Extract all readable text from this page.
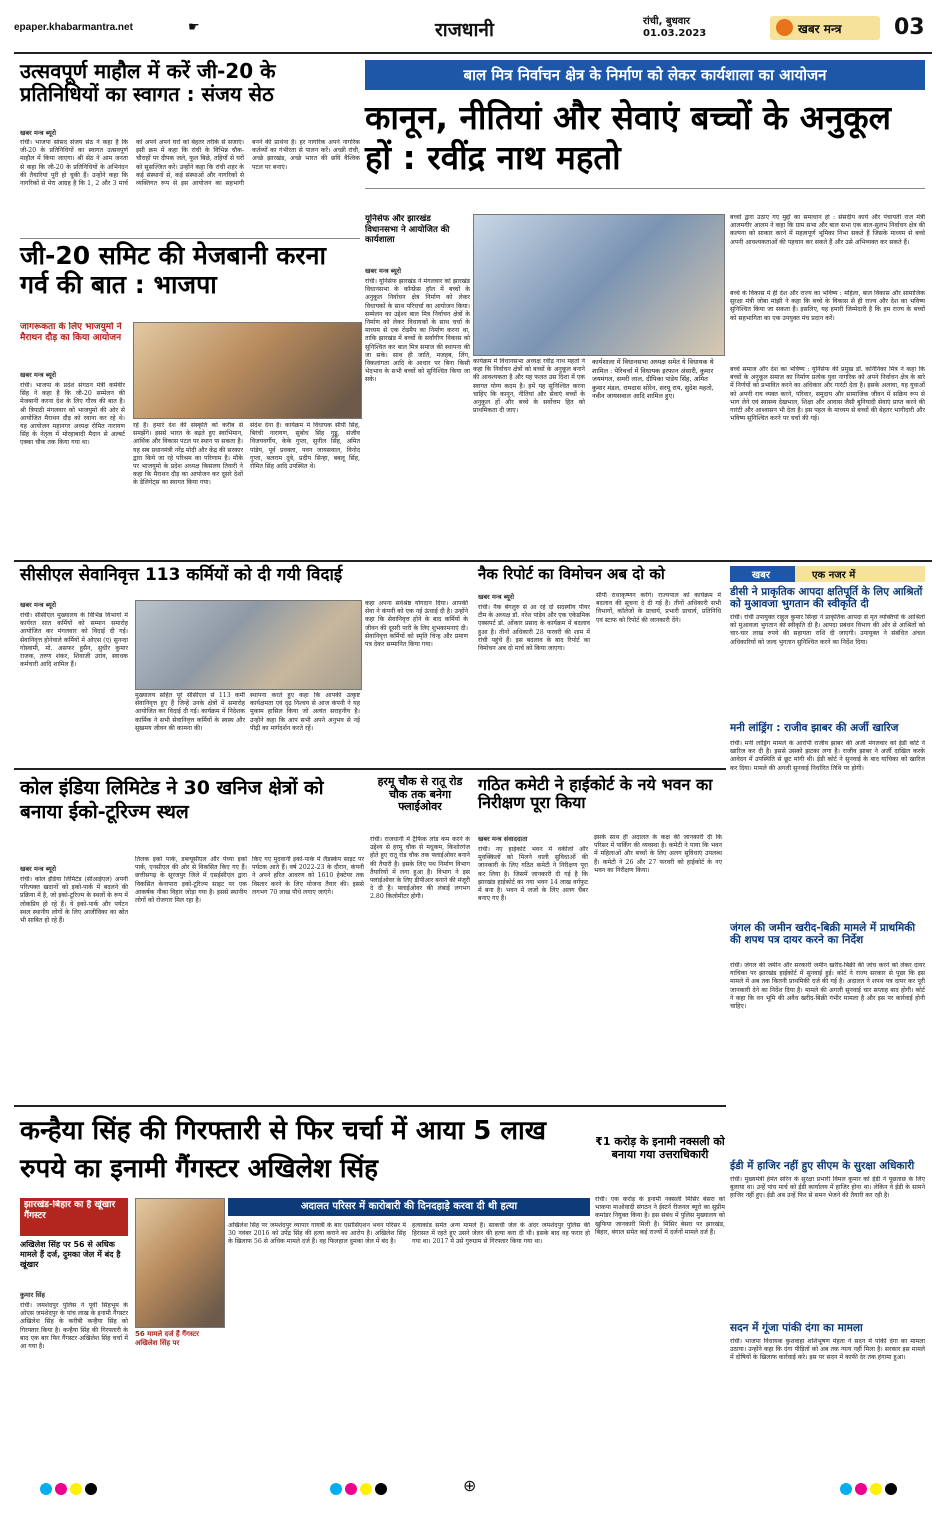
epaper.khabarmantra.net	☛	राजधानी	रांची, बुधवार
01.03.2023	खबर मन्त्र 03
उत्सवपूर्ण माहौल में करें जी-20 के प्रतिनिधियों का स्वागत : संजय सेठ
खबर मन्त्र ब्यूरो
रांची। भाजपा सांसद संजय सेठ ने कहा है कि जी-20 के प्रतिनिधियों का स्वागत उत्सवपूर्ण माहौल में किया जाएगा। श्री सेठ ने आम जनता से कहा कि जी-20 के प्रतिनिधियों के अभिनंदन की तैयारियां पूरी हो चुकी हैं। उन्होंने कहा कि नागरिकों से मेरा आग्रह है कि 1, 2 और 3 मार्च को अपने अपने घरों को बेहतर तरीके से सजाएं। इसी क्रम में कहा कि रांची के विभिन्न चौक-चौराहों पर दीपक जले, फूल बिछे, तहियों से घरों को सुसज्जित करें। उन्होंने कहा कि रांची शहर के कई संस्थानों से, कई संस्थाओं और नागरिकों से व्यक्तिगत रूप से इस आयोजन का सहभागी बनने की प्रार्थना है। हर नागरिक अपने नागरिक कर्तव्यों का गंभीरता से पालन करें। अच्छी रांची, अच्छे झारखंड, अच्छे भारत की छवि वैश्विक पटल पर बनाएं।
जी-20 समिट की मेजबानी करना गर्व की बात : भाजपा
जागरूकता के लिए भाजयुमो ने मैराथन दौड़ का किया आयोजन
खबर मन्त्र ब्यूरो
रांची। भाजपा के प्रदेश संगठन मंत्री कर्मवीर सिंह ने कहा है कि जी-20 सम्मेलन की मेजबानी करना देश के लिए गौरव की बात है। श्री त्रिपाठी मंगलवार को भाजयुमो की ओर से आयोजित मैराथन दौड़ को रवाना कर रहे थे। यह आयोजन महानगर अध्यक्ष रोमित नारायण सिंह के नेतृत्व में मोरहाबादी मैदान से अल्बर्ट एक्का चौक तक किया गया था।
रहे हैं। हमारे देश की संस्कृति को करीब से समझेंगे। इससे भारत के बढ़ते हुए स्वाभिमान, आर्थिक और विकास पटल पर स्थान पा सकता है। यह सब प्रधानमंत्री नरेंद्र मोदी और केंद्र की सरकार द्वारा किये जा रहे परिश्रम का परिणाम है। मौके पर भाजयुमो के प्रदेश अध्यक्ष किसलय तिवारी ने कहा कि मैराथन दौड़ का आयोजन कर दूसरे देशों के डेलिगेट्स का स्वागत किया गया।
संदेश देना है। कार्यक्रम में विधायक सीपी सिंह, बिरंची नारायण, सुबोध सिंह गुड्डू, संजीव विजयवर्गीय, केके गुप्ता, सुनील सिंह, अमित पांडेय, पूर्व प्रवक्ता, पवन जायसवाल, विनोद गुप्ता, बलराम दुबे, प्रदीप सिन्हा, बबलू सिंह, रोमित सिंह आदि उपस्थित थे।
बाल मित्र निर्वाचन क्षेत्र के निर्माण को लेकर कार्यशाला का आयोजन
कानून, नीतियां और सेवाएं बच्चों के अनुकूल हों : रवींद्र नाथ महतो
यूनिसेफ और झारखंड विधानसभा ने आयोजित की कार्यशाला
खबर मन्त्र ब्यूरो
रांची। यूनिसेफ झारखंड ने मंगलवार को झारखंड विधानसभा के कॉन्फ्रेंस हॉल में बच्चों के अनुकूल निर्वाचन क्षेत्र निर्माण को लेकर विधायकों के साथ परिचर्चा का आयोजन किया। सम्मेलन का उद्देश्य बाल मित्र निर्वाचन क्षेत्रों के निर्माण को लेकर विधायकों के साथ चर्चा के माध्यम से एक रोडमैप का निर्माण करना था, ताकि झारखंड में बच्चों के सर्वांगीण विकास को सुनिश्चित कर बाल मित्र समाज की स्थापना की जा सके। साथ ही जाति, मजहब, लिंग, विकलांगता आदि के आधार पर बिना किसी भेदभाव के सभी बच्चों को सुनिश्चित किया जा सके।
कार्यक्रम में विधानसभा अध्यक्ष रवींद्र नाथ महतो ने कहा कि निर्वाचन क्षेत्रों को बच्चों के अनुकूल बनाने की आवश्यकता है और यह फलत उस दिशा में एक स्वागत योग्य कदम है। हमें यह सुनिश्चित करना चाहिए कि कानून, नीतियां और सेवाएं बच्चों के अनुकूल हों और बच्चे के सर्वोत्तम हित को प्राथमिकता दी जाए।
कार्यशाला में विधानसभा अध्यक्ष समेत ये विधायक थे शामिल : पेरिचर्चा में विधायक इरफान अंसारी, कुमार जयमंगल, समरी लाल, दीपिका पांडेय सिंह, अमित कुमार मंडल, रामदास सोरेन, सरयू राय, सुदेश महतो, नवीन जायसवाल आदि शामिल हुए।
बच्चों द्वारा उठाए गए मुद्दों का समाधान हो : संसदीय कार्य और पंचायती राज मंत्री आलमगीर आलम ने कहा कि ग्राम सभा और बाल सभा एक बाल-सुलभ निर्वाचन क्षेत्र की कल्पना को साकार करने में महत्वपूर्ण भूमिका निभा सकते हैं जिसके माध्यम से बच्चे अपनी आवश्यकताओं की पहचान कर सकते हैं और उसे अभिव्यक्त कर सकते हैं।
बच्चे के विकास में ही देश और राज्य का भविष्य : महिला, बाल विकास और सामाजिक सुरक्षा मंत्री जोबा मांझी ने कहा कि बच्चे के विकास से ही राज्य और देश का भविष्य सुनिश्चित किया जा सकता है। इसलिए, यह हमारी जिम्मेदारी है कि हम राज्य के बच्चों को सहभागिता का एक उपयुक्त मंच प्रदान करें।
बच्चे समाज और देश का भविष्य : यूनिसेफ की प्रमुख डॉ. कनिनिका मित्र ने कहा कि बच्चों के अनुकूल समाज का निर्माण प्रत्येक युवा नागरिक को अपने निर्वाचन क्षेत्र के बारे में निर्णयों को प्रभावित करने का अधिकार और गारंटी देता है। इसके अलावा, यह युवाओं को अपनी राय व्यक्त करने, परिवार, समुदाय और सामाजिक जीवन में सक्रिय रूप से भाग लेने एवं स्वास्थ्य देखभाल, शिक्षा और आवास जैसी बुनियादी सेवाएं प्राप्त करने की गारंटी और आश्वासन भी देता है। इस पहल के माध्यम से बच्चों की बेहतर भागीदारी और भविष्य सुनिश्चित करने पर चर्चा की गई।
सीसीएल सेवानिवृत्त 113 कर्मियों को दी गयी विदाई
खबर मन्त्र ब्यूरो
रांची। सीसीएल मुख्यालय के विभिन्न विभागों में कार्यरत सात कर्मियों को सम्मान समारोह आयोजित कर मंगलवार को विदाई दी गई। सेवानिवृत्त होनेवाले कर्मियों में ओएस (ए) सुनन्दा गोस्वामी, मो. असफर हुसैन, सुधीर कुमार राजक, तरुण शंकर, शिवाजी उरांव, स्वाधक कर्मचारी आदि शामिल हैं।
मुख्यालय सहित पूरे सीसीएल से 113 कर्मी सेवानिवृत्त हुए हैं जिन्हें उनके क्षेत्रों में समारोह आयोजित कर विदाई दी गई। कार्यक्रम में निदेशक कार्मिक ने सभी सेवानिवृत्त कर्मियों के स्वस्थ और सुखमय जीवन की कामना की।
स्थापना करते हुए कहा कि आपकी उत्कृष्ट कार्यक्षमता एवं दृढ़ निश्चय से आज कंपनी ने यह मुकाम हासिल किया जो अत्यंत सराहनीय है। उन्होंने कहा कि आप सभी अपने अनुभव से नई पीढ़ी का मार्गदर्शन करते रहें।
कहा अपना सर्वश्रेष्ठ योगदान दिया। आपकी सेवा ने कंपनी को एक नई ऊंचाई दी है। उन्होंने कहा कि सेवानिवृत्त होने के बाद कर्मियों के जीवन की दूसरी पारी के लिए शुभकामनाएं दी। सेवानिवृत्त कर्मियों को स्मृति चिन्ह और प्रमाण पत्र देकर सम्मानित किया गया।
नैक रिपोर्ट का विमोचन अब दो को
खबर मन्त्र ब्यूरो
रांची। नैक बेंगलुरु से आ रहे दो सदस्यीय पीयर टीम के अध्यक्ष डॉ. नरेश पांडेय और एक एकेडमिक एक्सपर्ट डॉ. ओंकार प्रसाद के कार्यक्रम में बदलाव हुआ है। तीनों अधिकारी 28 फरवरी की शाम में रांची पहुंचे हैं। इस बदलाव के बाद रिपोर्ट का विमोचन अब दो मार्च को किया जाएगा।
सीपी राधाकृष्णन करेंगे। राज्यपाल को कार्यक्रम में बदलाव की सूचना दे दी गई है। तीनों अधिकारी सभी विभागों, कॉलेजों के प्राचार्य, प्रभारी प्राचार्य, प्रतिनिधि एवं स्टाफ को रिपोर्ट की जानकारी देंगे।
खबर	एक नजर में
डीसी ने प्राकृतिक आपदा क्षतिपूर्ति के लिए आश्रितों को मुआवजा भुगतान की स्वीकृति दी
रांची। रांची उपायुक्त राहुल कुमार सिन्हा ने प्राकृतिक आपदा से मृत व्यक्तियों के आश्रितों को मुआवजा भुगतान की स्वीकृति दी है। आपदा प्रबंधन विभाग की ओर से आश्रितों को चार-चार लाख रुपये की सहायता राशि दी जाएगी। उपायुक्त ने संबंधित अंचल अधिकारियों को जल्द भुगतान सुनिश्चित करने का निर्देश दिया।
मनी लांड्रिंग : राजीव झाबर की अर्जी खारिज
रांची। मनी लांड्रिंग मामले के आरोपी राजीव झाबर की अर्जी मंगलवार को ईडी कोर्ट ने खारिज कर दी है। इससे उसको झटका लगा है। राजीव झाबर ने अर्जी दाखिल करके आवेदन में उपस्थिति से छूट मांगी थी। ईडी कोर्ट ने सुनवाई के बाद याचिका को खारिज कर दिया। मामले की अगली सुनवाई निर्धारित तिथि पर होगी।
जंगल की जमीन खरीद-बिक्री मामले में प्राथमिकी की शपथ पत्र दायर करने का निर्देश
रांची। जंगल की जमीन और सरकारी जमीन खरीद-बिक्री की जांच करने को लेकर दायर याचिका पर झारखंड हाईकोर्ट में सुनवाई हुई। कोर्ट ने राज्य सरकार से पूछा कि इस मामले में अब तक कितनी प्राथमिकी दर्ज की गई है। अदालत ने शपथ पत्र दायर कर पूरी जानकारी देने का निर्देश दिया है। मामले की अगली सुनवाई चार सप्ताह बाद होगी। कोर्ट ने कहा कि वन भूमि की अवैध खरीद-बिक्री गंभीर मामला है और इस पर कार्रवाई होनी चाहिए।
ईडी में हाजिर नहीं हुए सीएम के सुरक्षा अधिकारी
रांची। मुख्यमंत्री हेमंत सोरेन के सुरक्षा प्रभारी विमल कुमार को ईडी ने पूछताछ के लिए बुलाया था। उन्हें पांच मार्च को ईडी कार्यालय में हाजिर होना था। लेकिन वे ईडी के सामने हाजिर नहीं हुए। ईडी अब उन्हें फिर से समन भेजने की तैयारी कर रही है।
सदन में गूंजा पांकी दंगा का मामला
रांची। भाजपा विधायक कुशवाहा शशिभूषण मेहता ने सदन में पांकी दंगा का मामला उठाया। उन्होंने कहा कि दंगा पीड़ितों को अब तक न्याय नहीं मिला है। सरकार इस मामले में दोषियों के खिलाफ कार्रवाई करे। इस पर सदन में काफी देर तक हंगामा हुआ।
कोल इंडिया लिमिटेड ने 30 खनिज क्षेत्रों को बनाया ईको-टूरिज्म स्थल
खबर मन्त्र ब्यूरो
रांची। कोल इंडिया लिमिटेड (सीआईएल) अपनी परित्यक्त खदानों को इको-पार्क में बदलने की प्रक्रिया में है, जो इको-टूरिज्म के स्थलों के रूप में लोकप्रिय हो रहे हैं। ये इको-पार्क और पर्यटन स्थल स्थानीय लोगों के लिए आजीविका का स्रोत भी साबित हो रहे हैं।
तिलक इको पार्क, डब्ल्यूसीएल और पेंच्या इको पार्क, एनसीएल की ओर से विकसित किए गए हैं। छत्तीसगढ़ के सूरजपुर जिले में एसईसीएल द्वारा विकसित केनापारा इको-टूरिज्म साइट पर एक आकर्षक नौका विहार जोड़ा गया है। इससे स्थानीय लोगों को रोजगार मिल रहा है।
किए गए मुदवानी इको-पार्क में लैंडस्केप साइट पर पर्यटक आते हैं। वर्ष 2022-23 के दौरान, कंपनी ने अपने हरित आवरण को 1610 हेक्टेयर तक विस्तार करने के लिए योजना तैयार की। इससे लगभग 70 लाख पौधे लगाए जाएंगे।
हरमू चौक से रातू रोड चौक तक बनेगा फ्लाईओवर
रांची। राजधानी में ट्रैफिक लोड कम करने के उद्देश्य से हरमू चौक से मधुकम, किशोरगंज होते हुए रातू रोड चौक तक फ्लाईओवर बनाने की तैयारी है। इसके लिए पथ निर्माण विभाग तैयारियों में लगा हुआ है। विभाग ने इस फ्लाईओवर के लिए डीपीआर बनाने की मंजूरी दे दी है। फ्लाईओवर की लंबाई लगभग 2.80 किलोमीटर होगी।
गठित कमेटी ने हाईकोर्ट के नये भवन का निरीक्षण पूरा किया
खबर मन्त्र संवाददाता
रांची। नए हाईकोर्ट भवन में वकीलों और मुवक्किलों को मिलने वाली सुविधाओं की जानकारी के लिए गठित कमेटी ने निरीक्षण पूरा कर लिया है। जिसमें जानकारी दी गई है कि झारखंड हाईकोर्ट का नया भवन 14 लाख वर्गफुट में बना है। भवन में जजों के लिए अलग चैंबर बनाए गए हैं।
इसके साथ ही अदालत के कक्ष की जानकारी दी कि परिसर में पार्किंग की व्यवस्था है। कमेटी ने पाया कि भवन में महिलाओं और बच्चों के लिए अलग सुविधाएं उपलब्ध हैं। कमेटी ने 26 और 27 फरवरी को हाईकोर्ट के नए भवन का निरीक्षण किया।
कन्हैया सिंह की गिरफ्तारी से फिर चर्चा में आया 5 लाख रुपये का इनामी गैंगस्टर अखिलेश सिंह
झारखंड-बिहार का है खूंखार गैंगस्टर
अखिलेश सिंह पर 56 से अधिक मामले हैं दर्ज, दुमका जेल में बंद है खूंखार
कुमार सिंह
रांची। जमशेदपुर पुलिस ने पूर्वी सिंहभूम के ओएस जमशेदपुर के पांच लाख के इनामी गैंगस्टर अखिलेश सिंह के करीबी कन्हैया सिंह को गिरफ्तार किया है। कन्हैया सिंह की गिरफ्तारी के बाद एक बार फिर गैंगस्टर अखिलेश सिंह चर्चा में आ गया है।
56 मामले दर्ज हैं गैंगस्टर अखिलेश सिंह पर
अदालत परिसर में कारोबारी की दिनदहाड़े करवा दी थी हत्या
अखिलेश सिंह पर जमशेदपुर व्यापार गायत्री के बार एसोसिएशन भवन परिसर में 30 नवंबर 2016 को उपेंद्र सिंह की हत्या कराने का आरोप है। अखिलेश सिंह के खिलाफ 56 से अधिक मामले दर्ज हैं। वह फिलहाल दुमका जेल में बंद है।
हत्याकांड समेत अन्य मामले हैं। साकची जेल के अंदर जमशेदपुर पुलिस की हिरासत में रहते हुए उसने जेलर की हत्या करा दी थी। इसके बाद वह फरार हो गया था। 2017 में उसे गुरुग्राम से गिरफ्तार किया गया था।
₹1 करोड़ के इनामी नक्सली को बनाया गया उत्तराधिकारी
रांची। एक करोड़ के इनामी नक्सली मिसिर बेसरा को भाकपा माओवादी संगठन ने ईस्टर्न रीजनल ब्यूरो का सुप्रीम कमांडर नियुक्त किया है। इस संबंध में पुलिस मुख्यालय को खुफिया जानकारी मिली है। मिसिर बेसरा पर झारखंड, बिहार, बंगाल समेत कई राज्यों में दर्जनों मामले दर्ज हैं।
⊕
